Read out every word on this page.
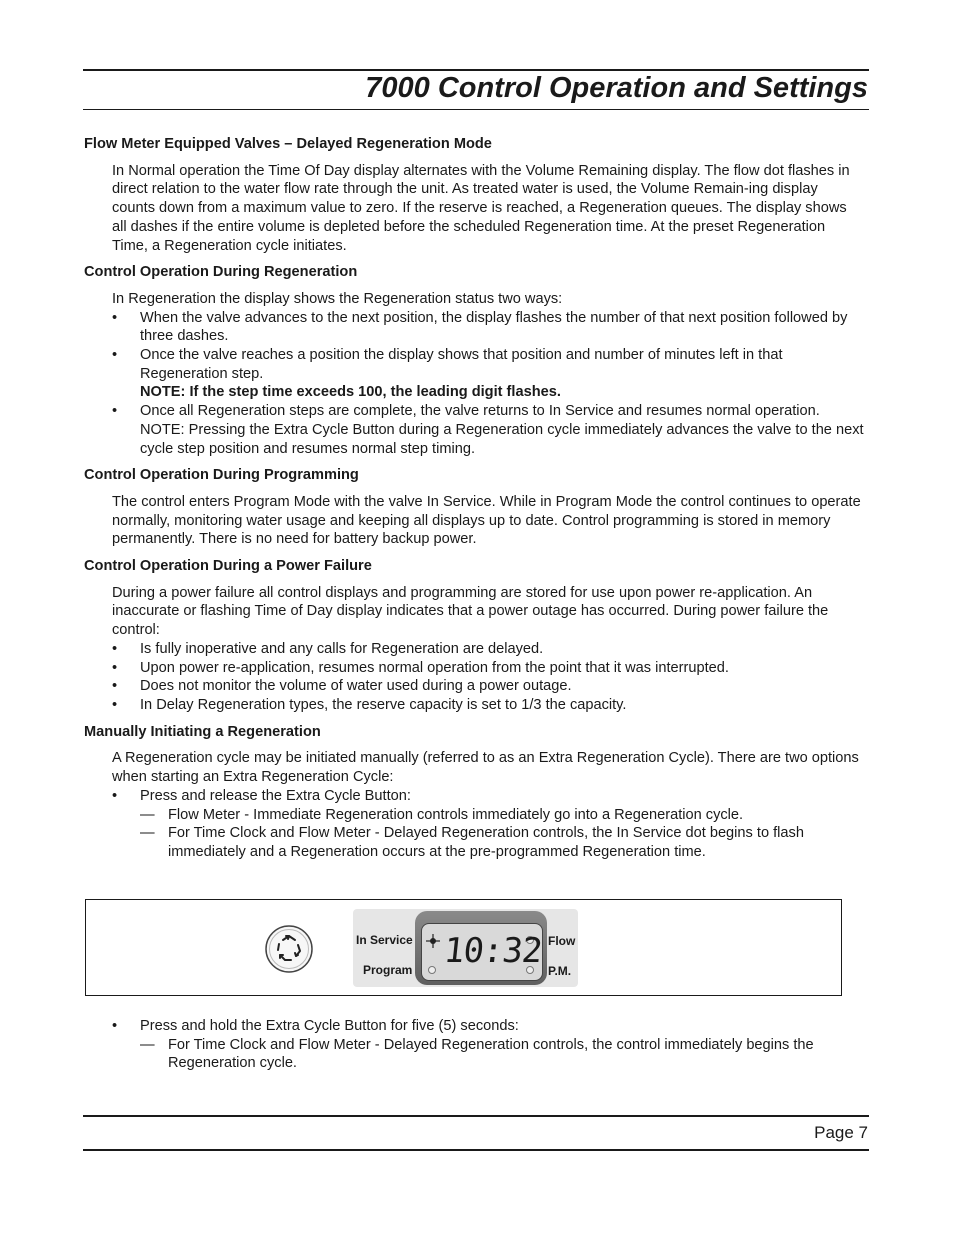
7000 Control Operation and Settings
Flow Meter Equipped Valves – Delayed Regeneration Mode

In Normal operation the Time Of Day display alternates with the Volume Remaining display. The flow dot flashes in direct relation to the water flow rate through the unit. As treated water is used, the Volume Remain-ing display counts down from a maximum value to zero. If the reserve is reached, a Regeneration queues. The display shows all dashes if the entire volume is depleted before the scheduled Regeneration time. At the preset Regeneration Time, a Regeneration cycle initiates.

Control Operation During Regeneration

In Regeneration the display shows the Regeneration status two ways:

• When the valve advances to the next position, the display flashes the number of that next position followed by three dashes.
• Once the valve reaches a position the display shows that position and number of minutes left in that Regeneration step.
NOTE: If the step time exceeds 100, the leading digit flashes.
• Once all Regeneration steps are complete, the valve returns to In Service and resumes normal operation.
NOTE: Pressing the Extra Cycle Button during a Regeneration cycle immediately advances the valve to the next cycle step position and resumes normal step timing.
Control Operation During Programming

The control enters Program Mode with the valve In Service. While in Program Mode the control continues to operate normally, monitoring water usage and keeping all displays up to date. Control programming is stored in memory permanently. There is no need for battery backup power.

Control Operation During a Power Failure

During a power failure all control displays and programming are stored for use upon power re-application. An inaccurate or flashing Time of Day display indicates that a power outage has occurred. During power failure the control:

• Is fully inoperative and any calls for Regeneration are delayed.
• Upon power re-application, resumes normal operation from the point that it was interrupted.
• Does not monitor the volume of water used during a power outage.
• In Delay Regeneration types, the reserve capacity is set to 1/3 the capacity.
Manually Initiating a Regeneration

A Regeneration cycle may be initiated manually (referred to as an Extra Regeneration Cycle). There are two options when starting an Extra Regeneration Cycle:

• Press and release the Extra Cycle Button:
— Flow Meter - Immediate Regeneration controls immediately go into a Regeneration cycle.
— For Time Clock and Flow Meter - Delayed Regeneration controls, the In Service dot begins to flash immediately and a Regeneration occurs at the pre-programmed Regeneration time.
In Service
Program
Flow
P.M.
10:32
• Press and hold the Extra Cycle Button for five (5) seconds:
— For Time Clock and Flow Meter - Delayed Regeneration controls, the control immediately begins the Regeneration cycle.
Page 7
